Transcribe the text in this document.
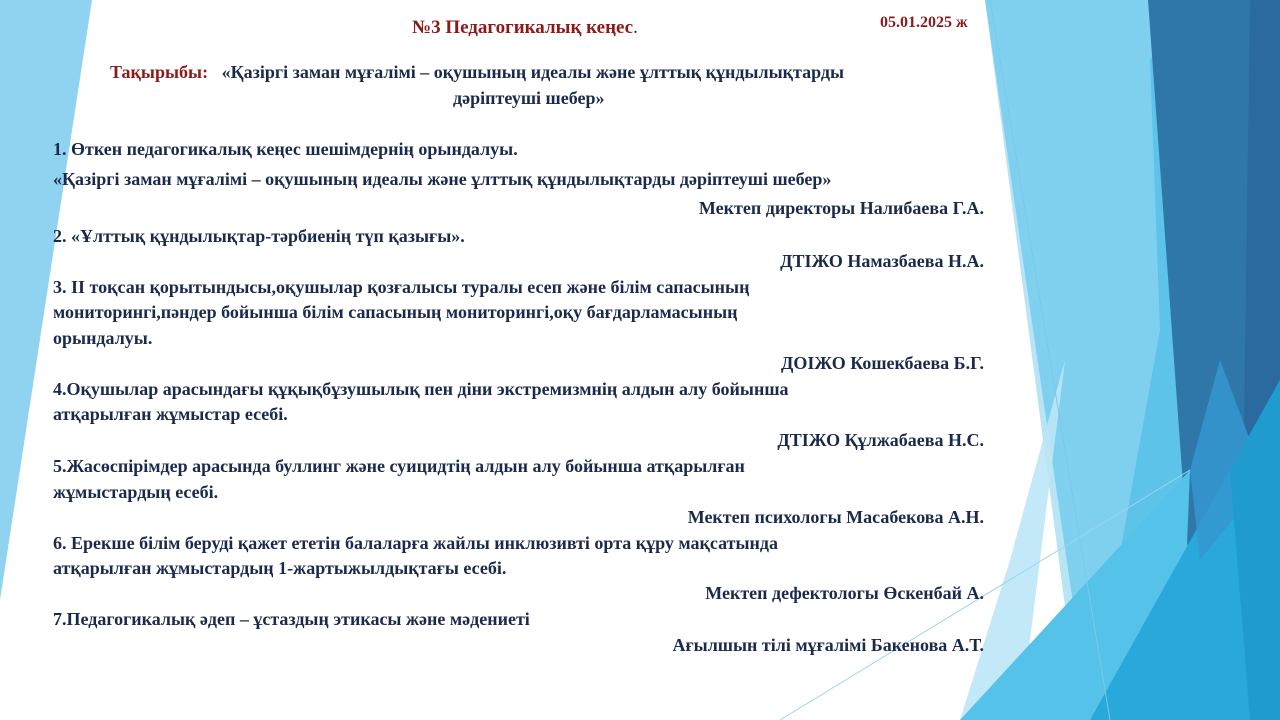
№3 Педагогикалық кеңес.	05.01.2025 ж
Тақырыбы: «Қазіргі заман мұғалімі – оқушының идеалы және ұлттық құндылықтарды
дәріптеуші шебер»
1. Өткен педагогикалық кеңес шешімдернің орындалуы.
«Қазіргі заман мұғалімі – оқушының идеалы және ұлттық құндылықтарды дәріптеуші шебер»
Мектеп директоры Налибаева Г.А.
2. «Ұлттық құндылықтар-тәрбиенің түп қазығы».
ДТІЖО Намазбаева Н.А.
3. ІІ тоқсан қорытындысы,оқушылар қозғалысы туралы есеп және білім сапасының
мониторингі,пәндер бойынша білім сапасының мониторингі,оқу бағдарламасының
орындалуы.
ДОІЖО Кошекбаева Б.Г.
4.Оқушылар арасындағы құқықбұзушылық пен діни экстремизмнің алдын алу бойынша
атқарылған жұмыстар есебі.
ДТІЖО Құлжабаева Н.С.
5.Жасөспірімдер арасында буллинг және суицидтің алдын алу бойынша атқарылған
жұмыстардың есебі.
Мектеп психологы Масабекова А.Н.
6. Ерекше білім беруді қажет ететін балаларға жайлы инклюзивті орта құру мақсатында
атқарылған жұмыстардың 1-жартыжылдықтағы есебі.
Мектеп дефектологы Өскенбай А.
7.Педагогикалық әдеп – ұстаздың этикасы және мәдениеті
Ағылшын тілі мұғалімі Бакенова А.Т.
